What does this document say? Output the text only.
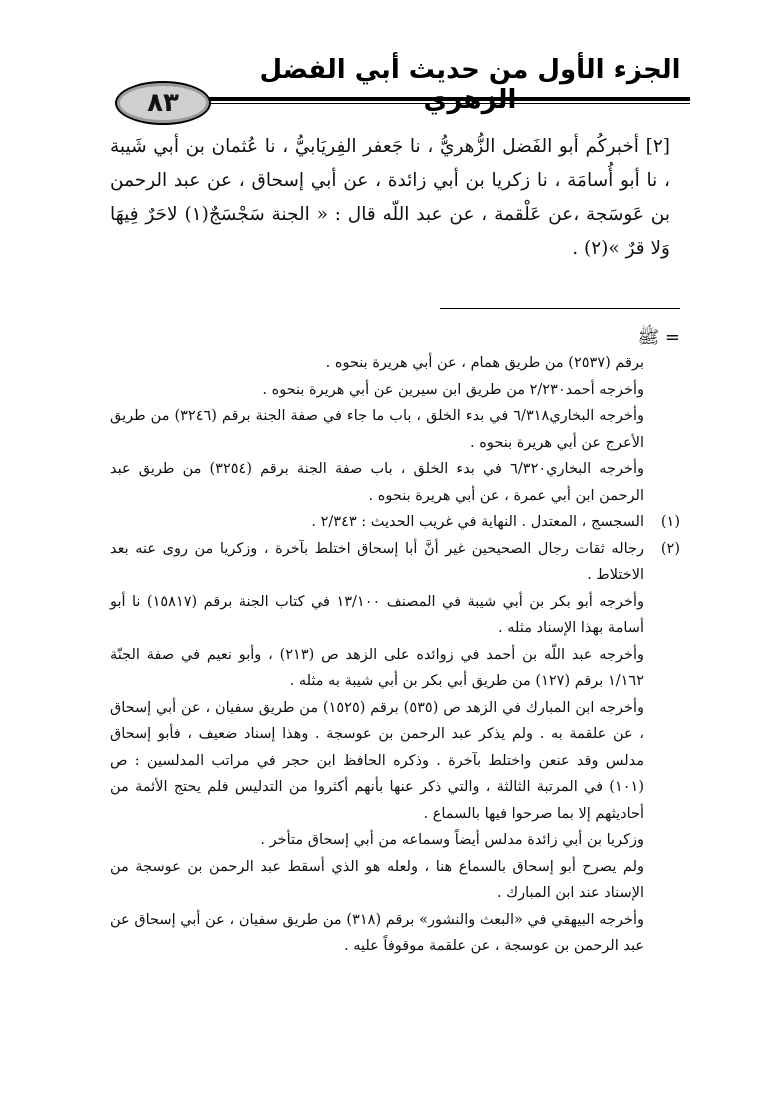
الجزء الأول من حديث أبي الفضل
٨٣

[٢] أخبركُم أبو الفَضل الزُّهريُّ ، نا جَعفر الفِريَابيُّ ، نا عُثمان بن أبي شَيبة ، نا أبو أُسامَة ، نا زكريا بن أبي زائدة ، عن أبي إسحاق ، عن عبد الرحمن بن عَوسَجة ،عن عَلْقمة ، عن عبد اللّه قال : « الجنة سَجْسَجٌ(١) لاحَرٌ فِيهَا وَلا قرٌ »(٢) .

= ﷺ

برقم (٢٥٣٧) من طريق همام ، عن أبي هريرة بنحوه .

وأخرجه أحمد٢/٢٣٠ من طريق ابن سيرين عن أبي هريرة بنحوه .

وأخرجه البخاري٦/٣١٨ في بدء الخلق ، باب ما جاء في صفة الجنة برقم (٣٢٤٦) من طريق الأعرج عن أبي هريرة بنحوه .

وأخرجه البخاري٦/٣٢٠ في بدء الخلق ، باب صفة الجنة برقم (٣٢٥٤) من طريق عبد الرحمن ابن أبي عمرة ، عن أبي هريرة بنحوه .

(١)
السجسج ، المعتدل . النهاية في غريب الحديث : ٢/٣٤٣ .
(٢)
رجاله ثقات رجال الصحيحين غير أنَّ أبا إسحاق اختلط بآخرة ، وزكريا من روى عنه بعد الاختلاط .

وأخرجه أبو بكر بن أبي شيبة في المصنف ١٣/١٠٠ في كتاب الجنة برقم (١٥٨١٧) نا أبو أسامة بهذا الإسناد مثله .

وأخرجه عبد اللّه بن أحمد في زوائده على الزهد ص (٢١٣) ، وأبو نعيم في صفة الجنّة ١/١٦٢ برقم (١٢٧) من طريق أبي بكر بن أبي شيبة به مثله .

وأخرجه ابن المبارك في الزهد ص (٥٣٥) برقم (١٥٢٥) من طريق سفيان ، عن أبي إسحاق ، عن علقمة به . ولم يذكر عبد الرحمن بن عوسجة . وهذا إسناد ضعيف ، فأبو إسحاق مدلس وقد عنعن واختلط بآخرة . وذكره الحافظ ابن حجر في مراتب المدلسين : ص (١٠١) في المرتبة الثالثة ، والتي ذكر عنها بأنهم أكثروا من التدليس فلم يحتج الأئمة من أحاديثهم إلا بما صرحوا فيها بالسماع .

وزكريا بن أبي زائدة مدلس أيضاً وسماعه من أبي إسحاق متأخر .

ولم يصرح أبو إسحاق بالسماع هنا ، ولعله هو الذي أسقط عبد الرحمن بن عوسجة من الإسناد عند ابن المبارك .

وأخرجه البيهقي في «البعث والنشور» برقم (٣١٨) من طريق سفيان ، عن أبي إسحاق عن عبد الرحمن بن عوسجة ، عن علقمة موقوفاً عليه .
